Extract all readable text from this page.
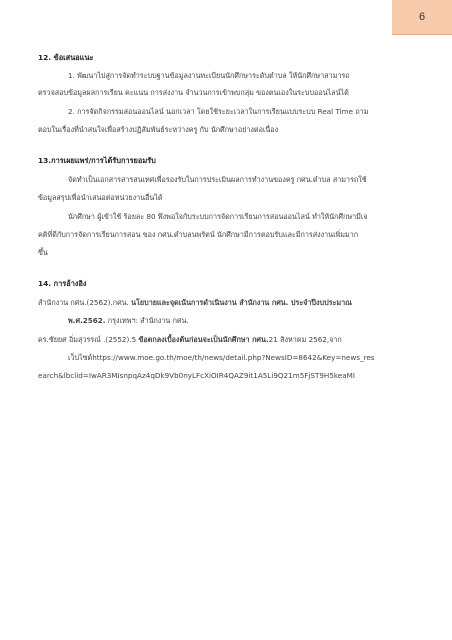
6
12. ข้อเสนอแนะ
1. พัฒนาไปสู่การจัดทำระบบฐานข้อมูลงานทะเบียนนักศึกษาระดับตำบล ให้นักศึกษาสามารถ
ตรวจสอบข้อมูลผลการเรียน คะแนน การส่งงาน จำนวนการเข้าพบกลุ่ม ของตนเองในระบบออนไลน์ได้
2. การจัดกิจกรรมสอนออนไลน์ นอกเวลา โดยใช้ระยะเวลาในการเรียนแบบระบบ Real Time ถาม
ตอบในเรื่องที่นำสนใจเพื่อสร้างปฏิสัมพันธ์ระหว่างครู กับ นักศึกษาอย่างต่อเนื่อง
13.การเผยแพร่/การได้รับการยอมรับ
จัดทำเป็นเอกสารสารสนเทศเพื่อรองรับในการประเมินผลการทำงานของครู กศน.ตำบล สามารถใช้
ข้อมูลสรุปเพื่อนำเสนอต่อหน่วยงานอื่นได้
นักศึกษา ผู้เข้าใช้ ร้อยละ 80 พึงพอใจกับระบบการจัดการเรียนการสอนออนไลน์ ทำให้นักศึกษามีเจ
คติที่ดีกับการจัดการเรียนการสอน ของ กศน.ตำบลนพรัตน์ นักศึกษามีการตอบรับและมีการส่งงานเพิ่มมาก
ขึ้น
14. การอ้างอิง
สำนักงาน กศน.(2562).กศน. นโยบายและจุดเน้นการดำเนินงาน สำนักงาน กศน. ประจำปีงบประมาณ
พ.ศ.2562. กรุงเทพฯ: สำนักงาน กศน.
ดร.ชัยยศ อิ่มสุวรรณ์ .(2552).5 ข้อตกลงเบื้องต้นก่อนจะเป็นนักศึกษา กศน.21 สิงหาคม 2562,จาก
เว็บไซต์https://www.moe.go.th/moe/th/news/detail.php?NewsID=8642&Key=news_res
earch&lbclid=IwAR3MIsnpqAz4qDk9Vb0nyLFcXiOIR4QAZ9it1A5Li9Q21m5FjST9H5keaMI
